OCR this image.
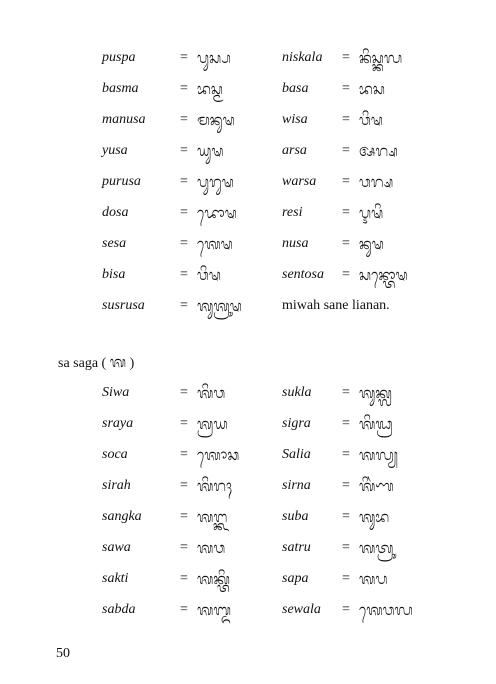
puspa	= ᬧᬸᬲ᭄ᬧ	niskala = ᬦᬶᬲ᭄ᬓᬮ
basma	= ᬪᬲ᭄ᬫ	basa = ᬪᬲ
manusa = ᬫᬦᬸᬱ	wisa = ᬯᬶᬱ
yusa	= ᬬᬸᬱ	arsa	= ᬅᬭ᭄ᬱ
purusa	= ᬧᬸᬭᬸᬱ	warsa = ᬯᬭ᭄ᬱ
dosa	= ᬤᭀᬱ	resi	= ᬋᬱᬶ
sesa	= ᬰᬾᬱ	nusa = ᬦᬸᬱ
bisa	= ᬯᬶᬱ	sentosa = ᬲᬦ᭄ᬢᭀᬱ
susrusa	= ᬰᬸᬰ᭄ᬭᬸᬱ	miwah sane lianan.
sa saga ( ᬰ )
Siwa	= ᬰᬶᬯ	sukla = ᬰᬸᬓ᭄ᬮ
sraya	= ᬰ᭄ᬭᬬ	sigra = ᬰᬶᬖ᭄ᬭ
soca	= ᬰᭀᬘ	Salia = ᬰᬮ᭄ᬬ
sirah	= ᬰᬶᬭᬄ	sirna = ᬰᬶᬃᬡ
sangka	= ᬰᬗ᭄ᬔ	suba = ᬰᬸᬪ
sawa	= ᬰᬯ	satru = ᬰᬢ᭄ᬭᬸ
sakti	= ᬰᬓ᭄ᬢᬶ	sapa = ᬰᬧ
sabda	= ᬰᬩ᭄ᬤ	sewala = ᬰᬾᬯᬮ
50
